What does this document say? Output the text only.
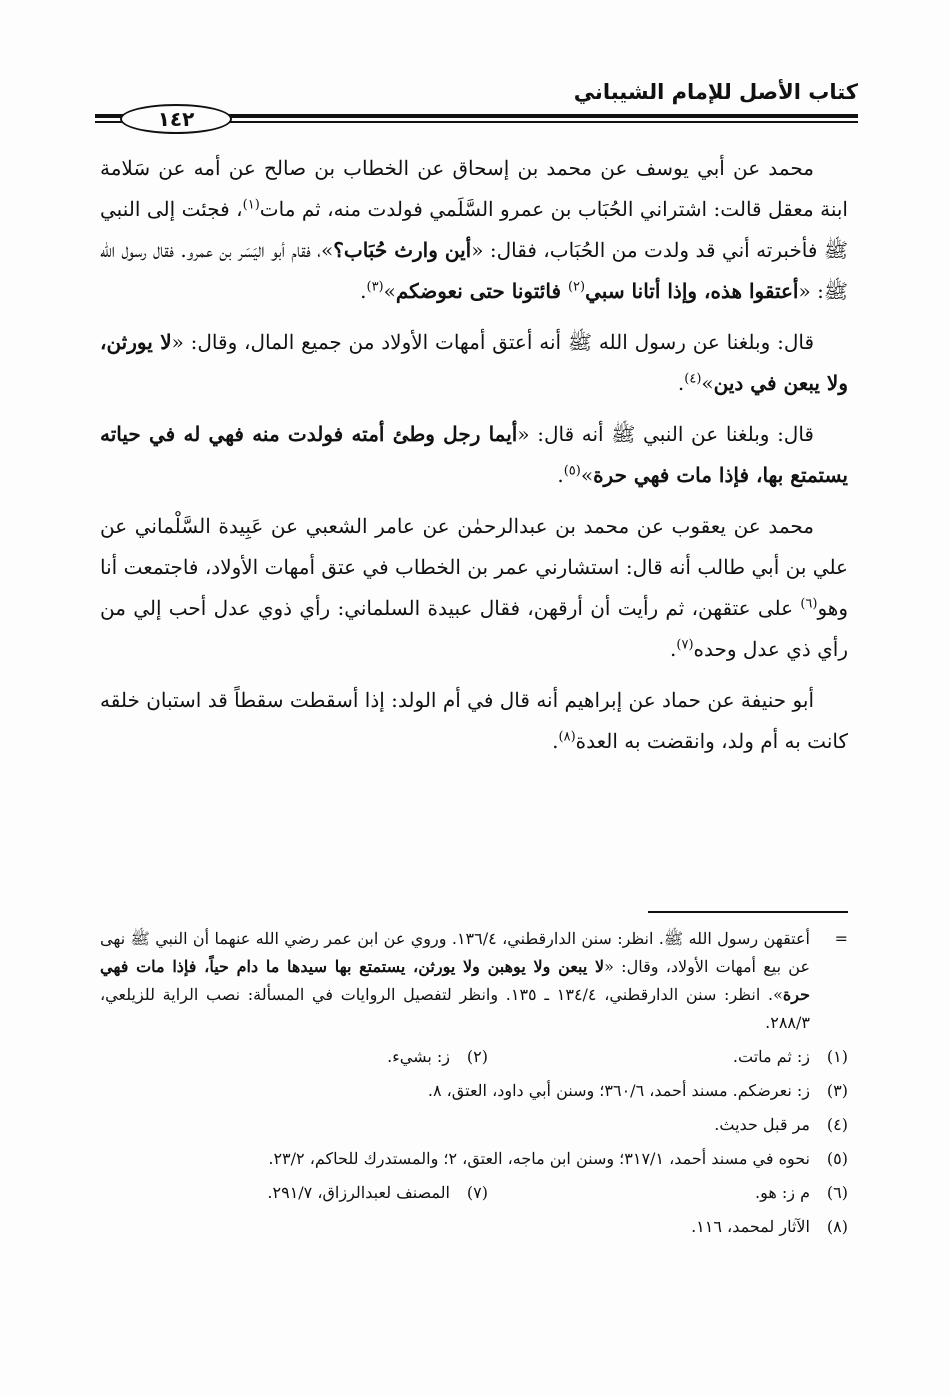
كتاب الأصل للإمام الشيباني
١٤٢

محمد عن أبي يوسف عن محمد بن إسحاق عن الخطاب بن صالح عن أمه عن سَلامة ابنة معقل قالت: اشتراني الحُبَاب بن عمرو السَّلَمي فولدت منه، ثم مات$^{(١)}$، فجئت إلى النبي ﷺ فأخبرته أني قد ولدت من الحُبَاب، فقال: «أين وارث حُبَاب؟»، فقام أبو اليَسَر بن عمرو. فقال رسول الله ﷺ: «أعتقوا هذه، وإذا أتانا سبي$^{(٢)}$ فائتونا حتى نعوضكم»$^{(٣)}$.

قال: وبلغنا عن رسول الله ﷺ أنه أعتق أمهات الأولاد من جميع المال، وقال: «لا يورثن، ولا يبعن في دين»$^{(٤)}$.

قال: وبلغنا عن النبي ﷺ أنه قال: «أيما رجل وطئ أمته فولدت منه فهي له في حياته يستمتع بها، فإذا مات فهي حرة»$^{(٥)}$.

محمد عن يعقوب عن محمد بن عبدالرحمٰن عن عامر الشعبي عن عَبِيدة السَّلْماني عن علي بن أبي طالب أنه قال: استشارني عمر بن الخطاب في عتق أمهات الأولاد، فاجتمعت أنا وهو$^{(٦)}$ على عتقهن، ثم رأيت أن أرقهن، فقال عبيدة السلماني: رأي ذوي عدل أحب إلي من رأي ذي عدل وحده$^{(٧)}$.

أبو حنيفة عن حماد عن إبراهيم أنه قال في أم الولد: إذا أسقطت سقطاً قد استبان خلقه كانت به أم ولد، وانقضت به العدة$^{(٨)}$.

=
أعتقهن رسول الله ﷺ. انظر: سنن الدارقطني، ١٣٦/٤. وروي عن ابن عمر رضي الله عنهما أن النبي ﷺ نهى عن بيع أمهات الأولاد، وقال: «لا يبعن ولا يوهبن ولا يورثن، يستمتع بها سيدها ما دام حياً، فإذا مات فهي حرة». انظر: سنن الدارقطني، ١٣٤/٤ ـ ١٣٥. وانظر لتفصيل الروايات في المسألة: نصب الراية للزيلعي، ٢٨٨/٣.
(١)
ز: ثم ماتت.
(٢)
ز: بشيء.
(٣)
ز: نعرضكم. مسند أحمد، ٣٦٠/٦؛ وسنن أبي داود، العتق، ٨.
(٤)
مر قبل حديث.
(٥)
نحوه في مسند أحمد، ٣١٧/١؛ وسنن ابن ماجه، العتق، ٢؛ والمستدرك للحاكم، ٢٣/٢.
(٦)
م ز: هو.
(٧)
المصنف لعبدالرزاق، ٢٩١/٧.
(٨)
الآثار لمحمد، ١١٦.
